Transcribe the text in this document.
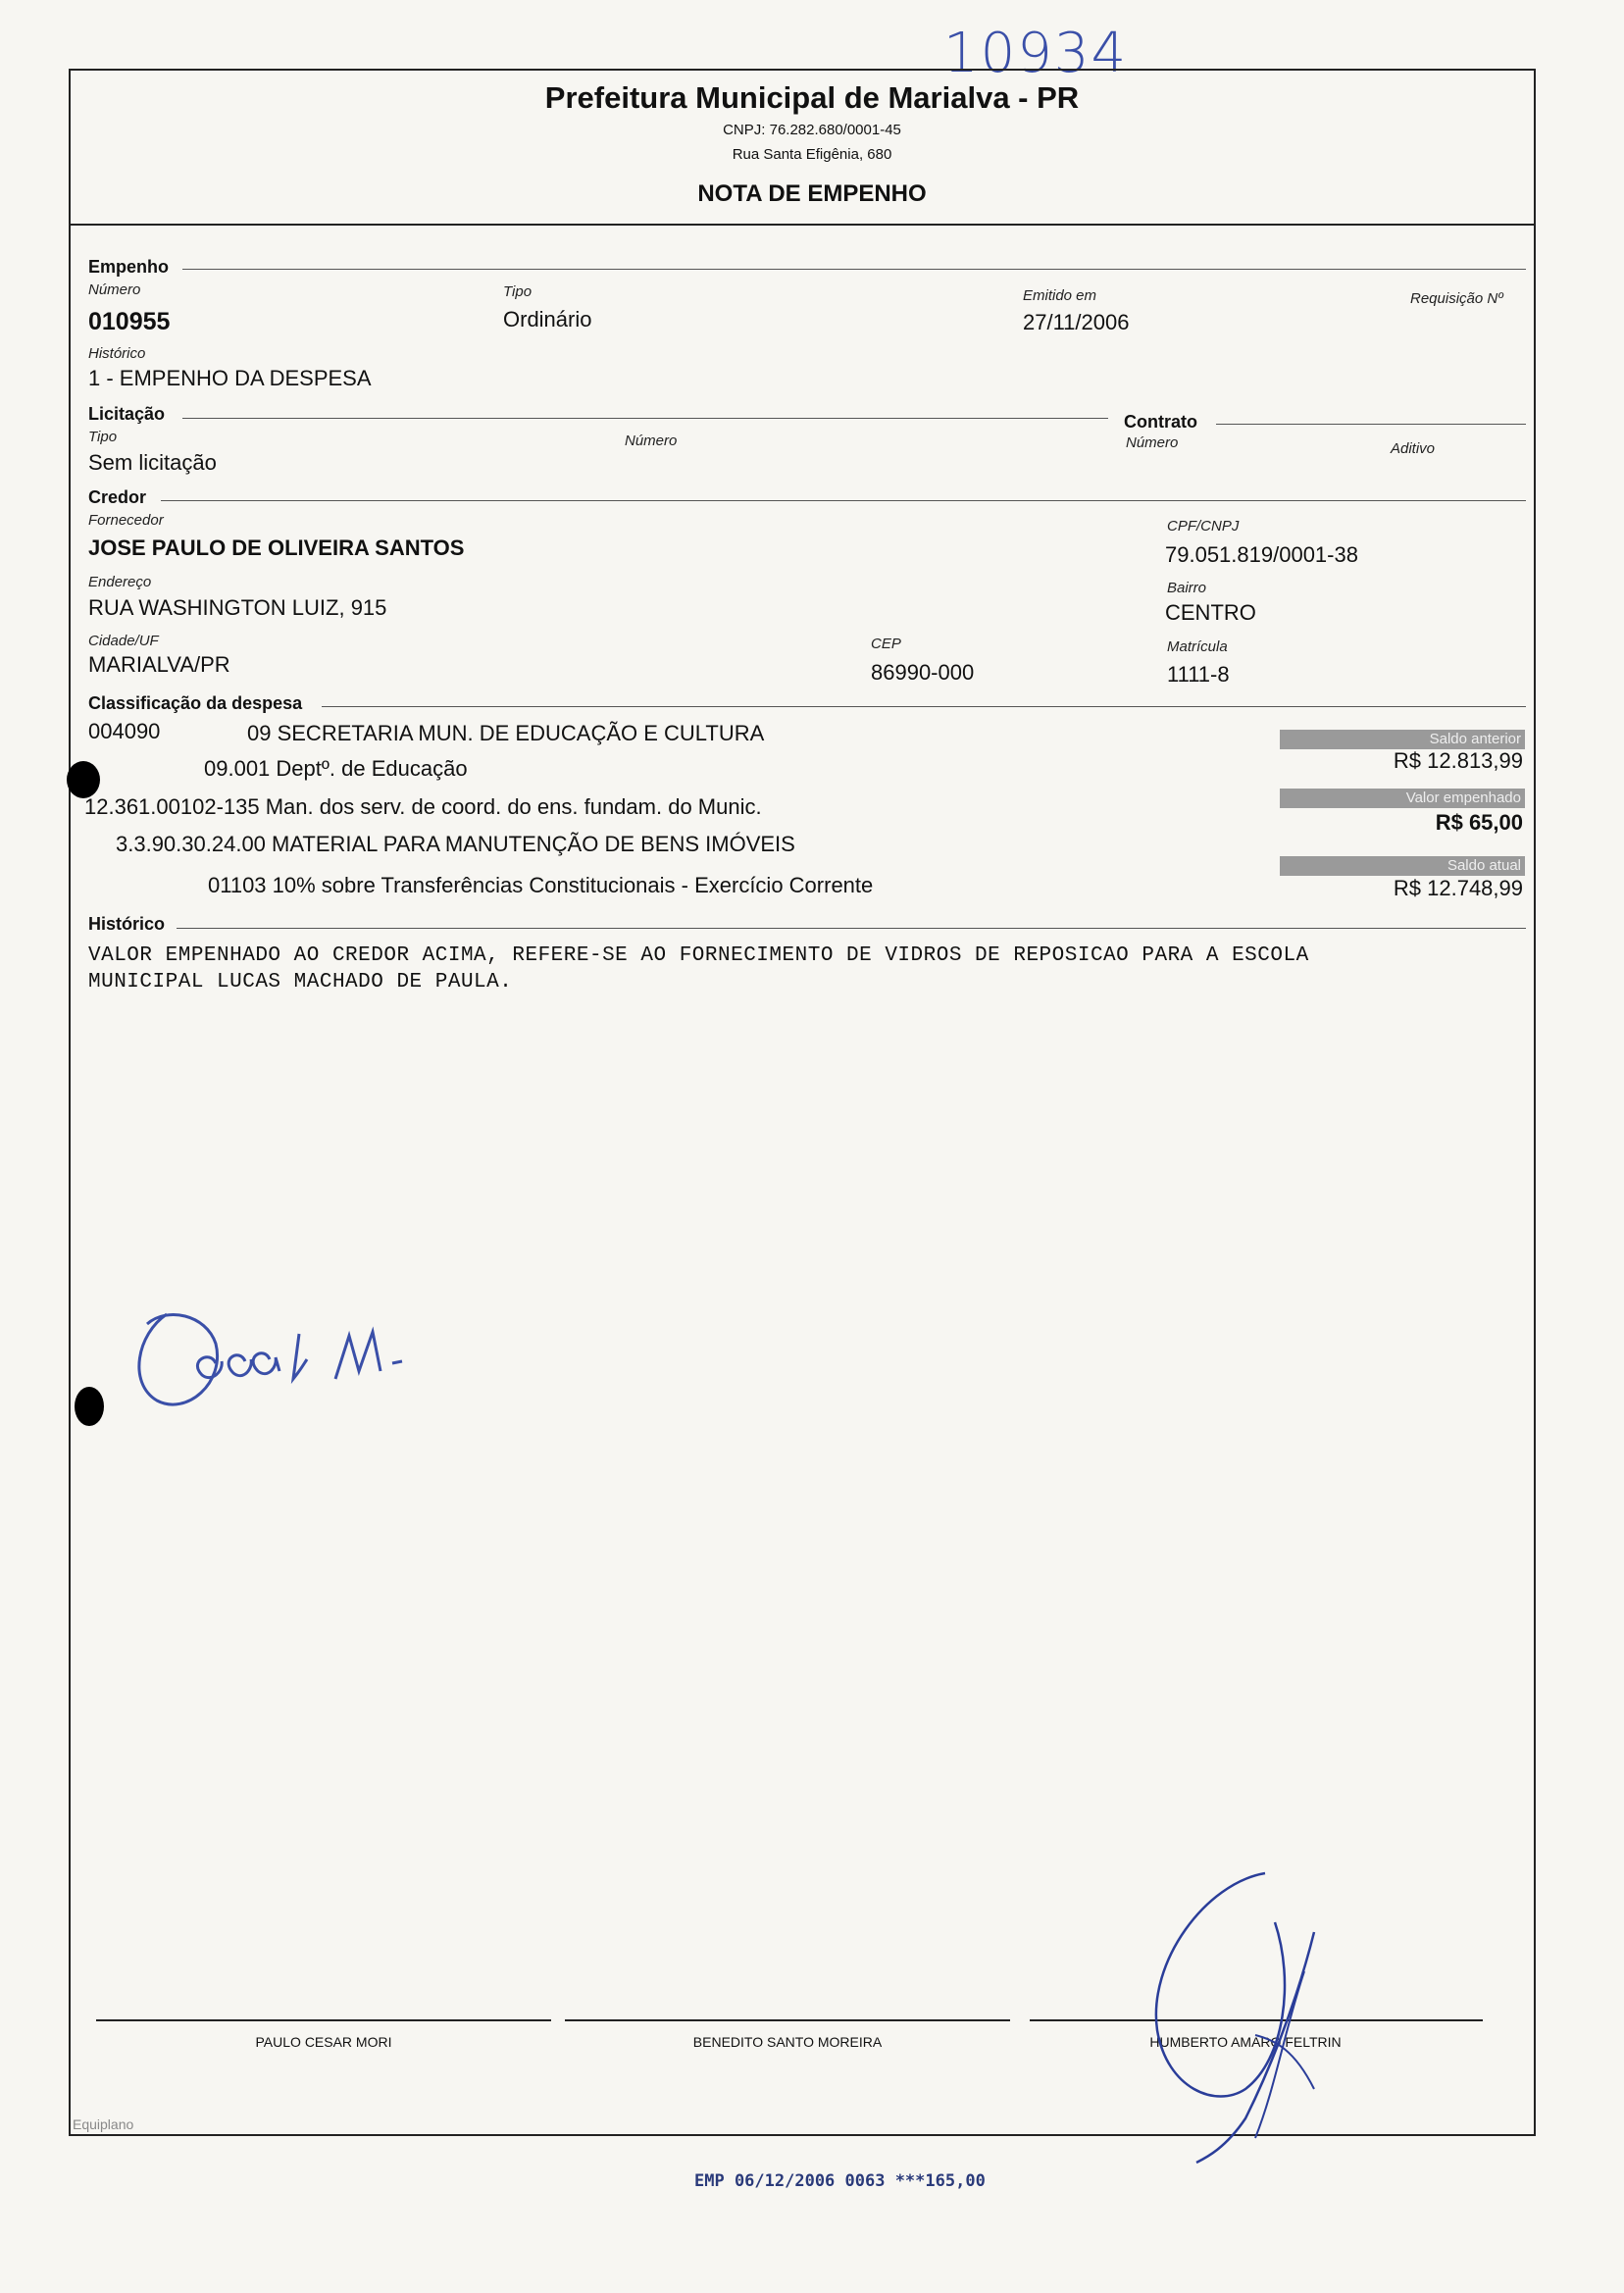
10934
Prefeitura Municipal de Marialva - PR
CNPJ: 76.282.680/0001-45
Rua Santa Efigênia, 680
NOTA DE EMPENHO
Empenho
Número
010955
Tipo
Ordinário
Emitido em
27/11/2006
Requisição Nº
Histórico
1 - EMPENHO DA DESPESA
Licitação
Tipo
Sem licitação
Número
Contrato
Número	Aditivo
Credor
Fornecedor
JOSE PAULO DE OLIVEIRA SANTOS
CPF/CNPJ
79.051.819/0001-38
Endereço
RUA WASHINGTON LUIZ, 915
Bairro
CENTRO
Cidade/UF
MARIALVA/PR
CEP
86990-000
Matrícula
1111-8
Classificação da despesa
004090	09 SECRETARIA MUN. DE EDUCAÇÃO E CULTURA
09.001 Deptº. de Educação
12.361.00102-135 Man. dos serv. de coord. do ens. fundam. do Munic.
3.3.90.30.24.00 MATERIAL PARA MANUTENÇÃO DE BENS IMÓVEIS
01103 10% sobre Transferências Constitucionais - Exercício Corrente
Saldo anterior
R$ 12.813,99
Valor empenhado
R$ 65,00
Saldo atual
R$ 12.748,99
Histórico
VALOR EMPENHADO AO CREDOR ACIMA, REFERE-SE AO FORNECIMENTO DE VIDROS DE REPOSICAO PARA A ESCOLA
MUNICIPAL LUCAS MACHADO DE PAULA.
PAULO CESAR MORI	BENEDITO SANTO MOREIRA	HUMBERTO AMARO FELTRIN
Equiplano
EMP 06/12/2006 0063 ***165,00
